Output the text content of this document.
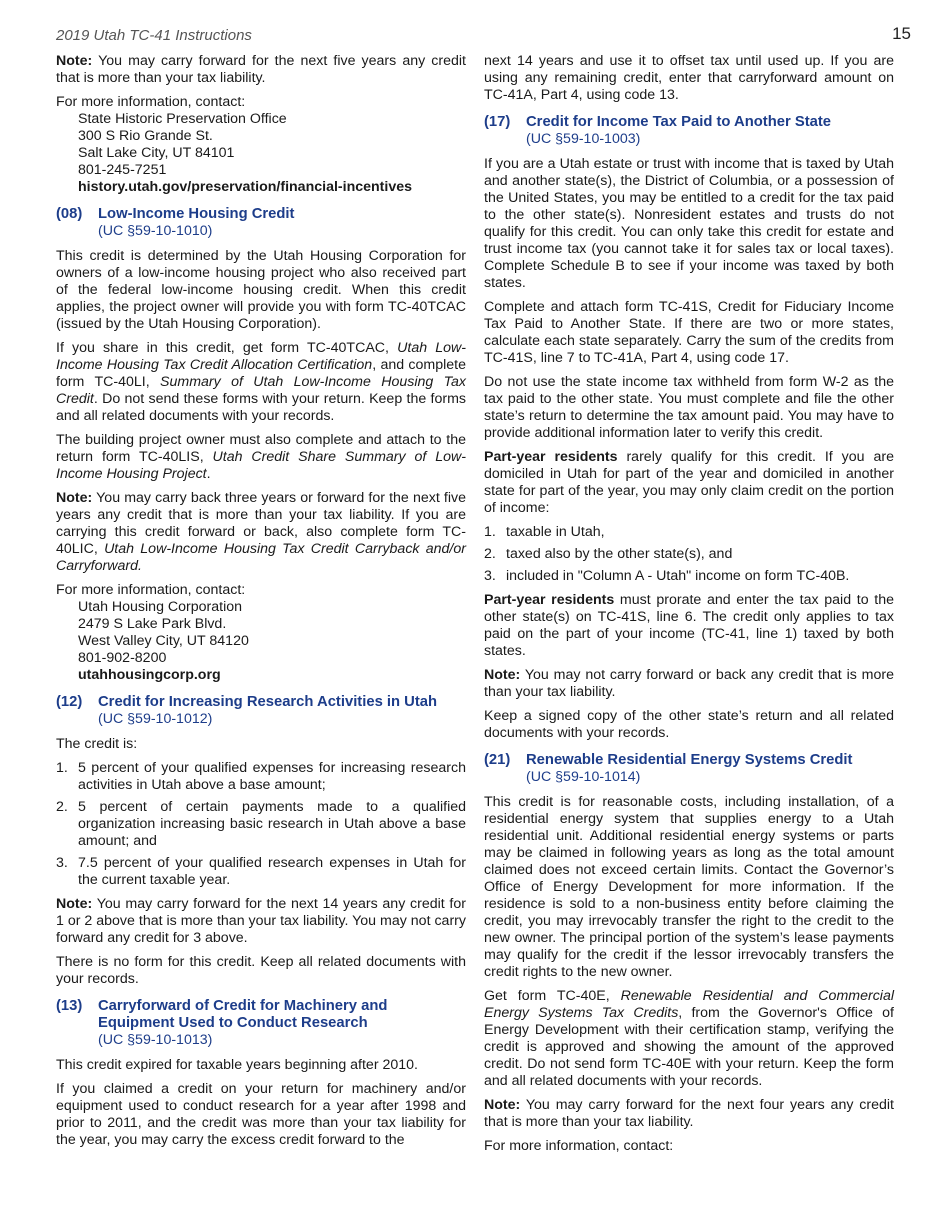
2019 Utah TC-41 Instructions	15

Note: You may carry forward for the next five years any credit that is more than your tax liability.

For more information, contact:

State Historic Preservation Office
300 S Rio Grande St.
Salt Lake City, UT 84101
801-245-7251
history.utah.gov/preservation/financial-incentives
(08)	Low-Income Housing Credit
(UC §59-10-1010)

This credit is determined by the Utah Housing Corporation for owners of a low-income housing project who also received part of the federal low-income housing credit. When this credit applies, the project owner will provide you with form TC-40TCAC (issued by the Utah Housing Corporation).

If you share in this credit, get form TC-40TCAC, Utah Low-Income Housing Tax Credit Allocation Certification, and complete form TC-40LI, Summary of Utah Low-Income Housing Tax Credit. Do not send these forms with your return. Keep the forms and all related documents with your records.

The building project owner must also complete and attach to the return form TC-40LIS, Utah Credit Share Summary of Low-Income Housing Project.

Note: You may carry back three years or forward for the next five years any credit that is more than your tax liability. If you are carrying this credit forward or back, also complete form TC-40LIC, Utah Low-Income Housing Tax Credit Carryback and/or Carryforward.

For more information, contact:

Utah Housing Corporation
2479 S Lake Park Blvd.
West Valley City, UT 84120
801-902-8200
utahhousingcorp.org
(12)	Credit for Increasing Research Activities in Utah
(UC §59-10-1012)

The credit is:

1. 5 percent of your qualified expenses for increasing research activities in Utah above a base amount;
2. 5 percent of certain payments made to a qualified organization increasing basic research in Utah above a base amount; and
3. 7.5 percent of your qualified research expenses in Utah for the current taxable year.

Note: You may carry forward for the next 14 years any credit for 1 or 2 above that is more than your tax liability. You may not carry forward any credit for 3 above.

There is no form for this credit. Keep all related documents with your records.

(13)	Carryforward of Credit for Machinery and Equipment Used to Conduct Research
(UC §59-10-1013)

This credit expired for taxable years beginning after 2010.

If you claimed a credit on your return for machinery and/or equipment used to conduct research for a year after 1998 and prior to 2011, and the credit was more than your tax liability for the year, you may carry the excess credit forward to the

next 14 years and use it to offset tax until used up. If you are using any remaining credit, enter that carryforward amount on TC-41A, Part 4, using code 13.

(17)	Credit for Income Tax Paid to Another State
(UC §59-10-1003)

If you are a Utah estate or trust with income that is taxed by Utah and another state(s), the District of Columbia, or a possession of the United States, you may be entitled to a credit for the tax paid to the other state(s). Nonresident estates and trusts do not qualify for this credit. You can only take this credit for estate and trust income tax (you cannot take it for sales tax or local taxes). Complete Schedule B to see if your income was taxed by both states.

Complete and attach form TC-41S, Credit for Fiduciary Income Tax Paid to Another State. If there are two or more states, calculate each state separately. Carry the sum of the credits from TC-41S, line 7 to TC-41A, Part 4, using code 17.

Do not use the state income tax withheld from form W-2 as the tax paid to the other state. You must complete and file the other state’s return to determine the tax amount paid. You may have to provide additional information later to verify this credit.

Part-year residents rarely qualify for this credit. If you are domiciled in Utah for part of the year and domiciled in another state for part of the year, you may only claim credit on the portion of income:

1. taxable in Utah,
2. taxed also by the other state(s), and
3. included in "Column A - Utah" income on form TC-40B.

Part-year residents must prorate and enter the tax paid to the other state(s) on TC-41S, line 6. The credit only applies to tax paid on the part of your income (TC-41, line 1) taxed by both states.

Note: You may not carry forward or back any credit that is more than your tax liability.

Keep a signed copy of the other state’s return and all related documents with your records.

(21)	Renewable Residential Energy Systems Credit
(UC §59-10-1014)

This credit is for reasonable costs, including installation, of a residential energy system that supplies energy to a Utah residential unit. Additional residential energy systems or parts may be claimed in following years as long as the total amount claimed does not exceed certain limits. Contact the Governor’s Office of Energy Development for more information. If the residence is sold to a non-business entity before claiming the credit, you may irrevocably transfer the right to the credit to the new owner. The principal portion of the system’s lease payments may qualify for the credit if the lessor irrevocably transfers the credit rights to the new owner.

Get form TC-40E, Renewable Residential and Commercial Energy Systems Tax Credits, from the Governor's Office of Energy Development with their certification stamp, verifying the credit is approved and showing the amount of the approved credit. Do not send form TC-40E with your return. Keep the form and all related documents with your records.

Note: You may carry forward for the next four years any credit that is more than your tax liability.

For more information, contact:
